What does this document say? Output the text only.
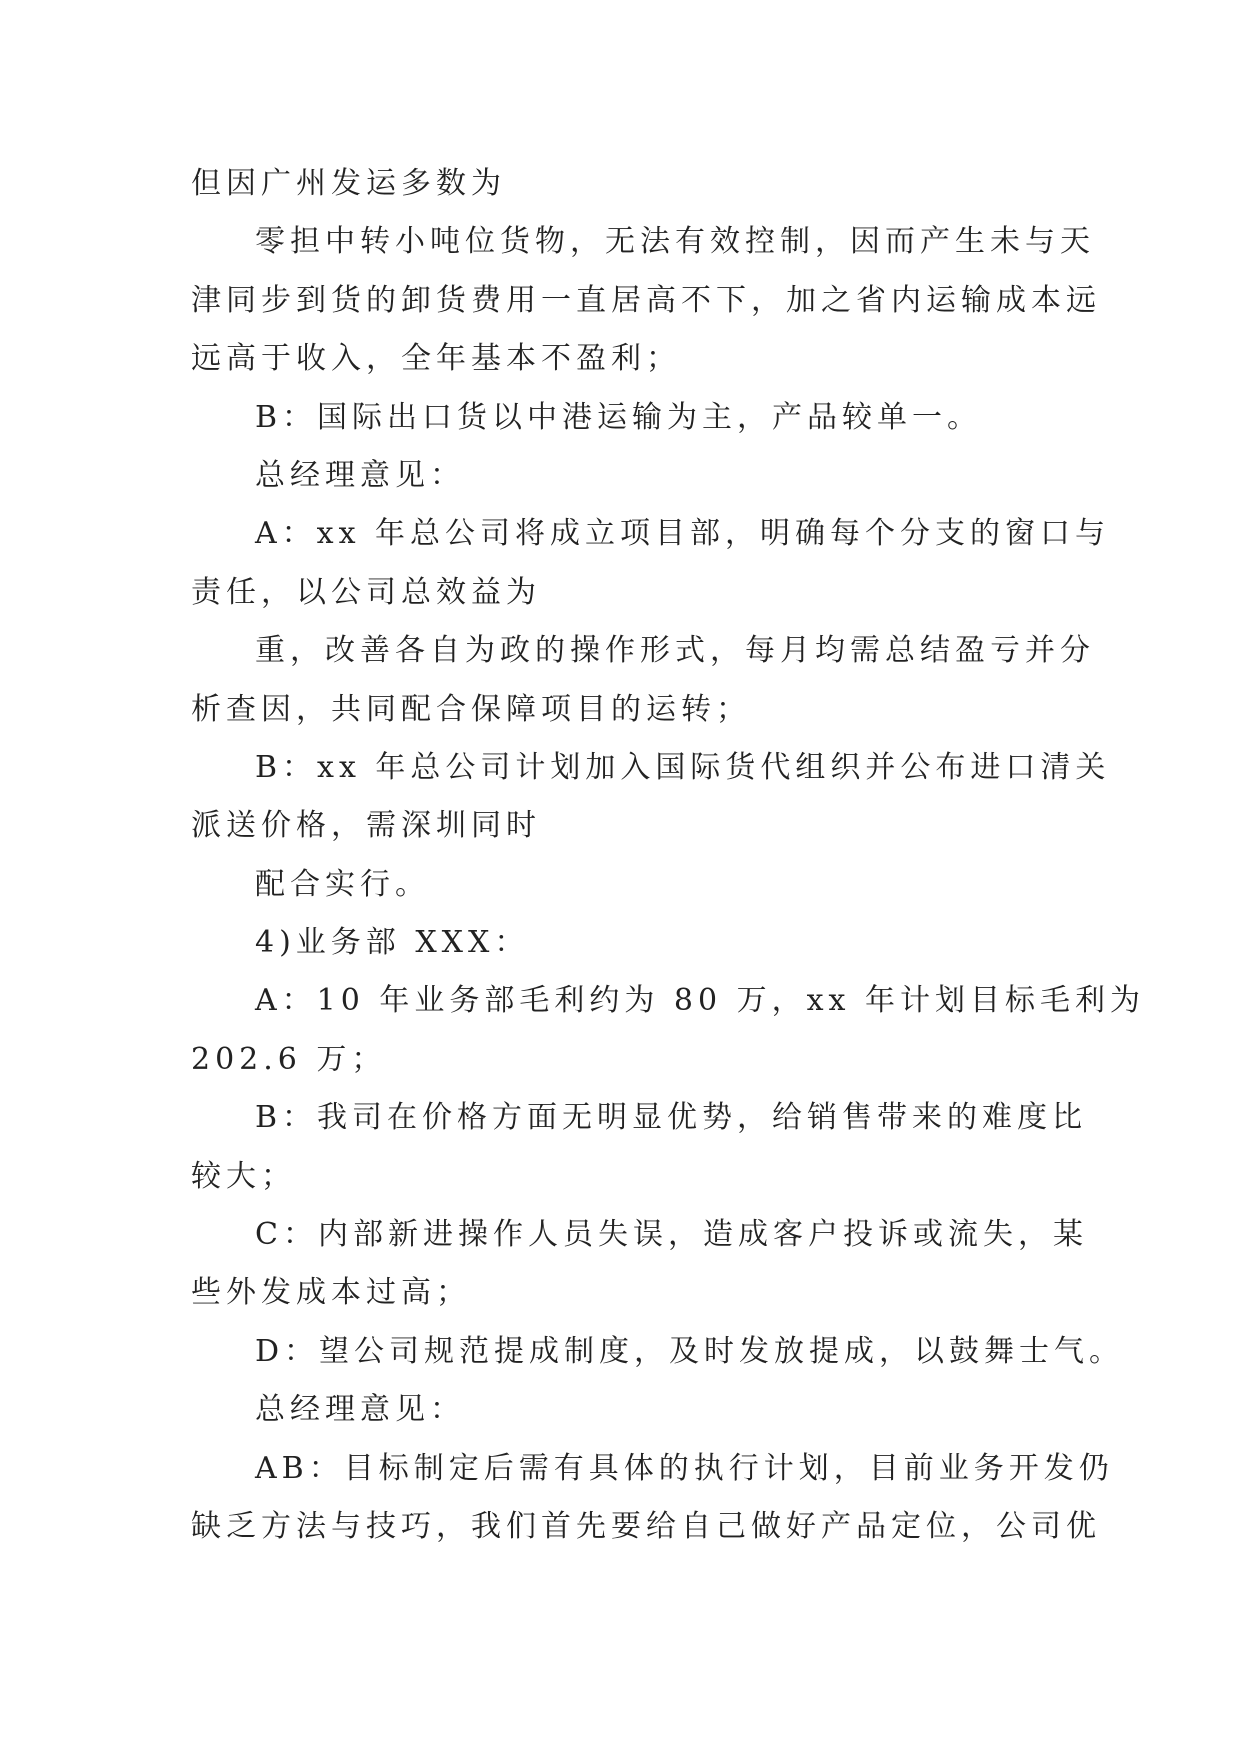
但因广州发运多数为
零担中转小吨位货物，无法有效控制，因而产生未与天
津同步到货的卸货费用一直居高不下，加之省内运输成本远
远高于收入，全年基本不盈利；
B：国际出口货以中港运输为主，产品较单一。
总经理意见：
A：xx 年总公司将成立项目部，明确每个分支的窗口与
责任，以公司总效益为
重，改善各自为政的操作形式，每月均需总结盈亏并分
析查因，共同配合保障项目的运转；
B：xx 年总公司计划加入国际货代组织并公布进口清关
派送价格，需深圳同时
配合实行。
4)业务部 XXX：
A：10 年业务部毛利约为 80 万，xx 年计划目标毛利为
202.6 万；
B：我司在价格方面无明显优势，给销售带来的难度比
较大；
C：内部新进操作人员失误，造成客户投诉或流失，某
些外发成本过高；
D：望公司规范提成制度，及时发放提成，以鼓舞士气。
总经理意见：
AB：目标制定后需有具体的执行计划，目前业务开发仍
缺乏方法与技巧，我们首先要给自己做好产品定位，公司优
